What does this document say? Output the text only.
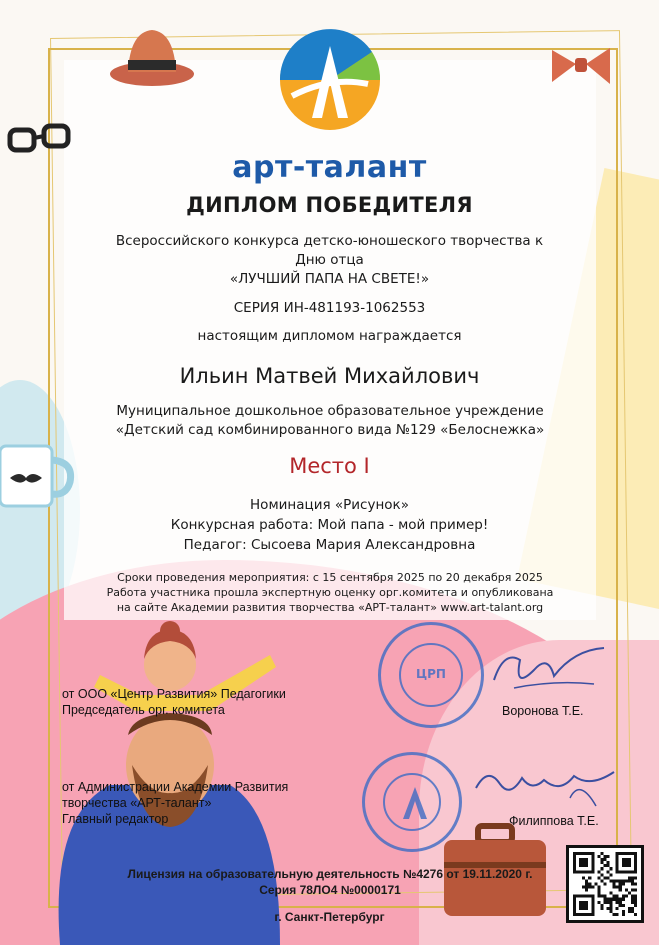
арт-талант
ДИПЛОМ ПОБЕДИТЕЛЯ
Всероссийского конкурса детско-юношеского творчества к
Дню отца
«ЛУЧШИЙ ПАПА НА СВЕТЕ!»
СЕРИЯ ИН-481193-1062553
настоящим дипломом награждается
Ильин Матвей Михайлович
Муниципальное дошкольное образовательное учреждение
«Детский сад комбинированного вида №129 «Белоснежка»
Место I
Номинация «Рисунок»
Конкурсная работа: Мой папа - мой пример!
Педагог: Сысоева Мария Александровна
Сроки проведения мероприятия: с 15 сентября 2025 по 20 декабря 2025
Работа участника прошла экспертную оценку орг.комитета и опубликована
на сайте Академии развития творчества «АРТ-талант» www.art-talant.org
ЦРП
от ООО «Центр Развития» Педагогики
Председатель орг. комитета	Воронова Т.Е.
от Администрации Академии Развития
творчества «АРТ-талант»
Главный редактор	Филиппова Т.Е.
Лицензия на образовательную деятельность №4276 от 19.11.2020 г.
Серия 78ЛО4 №0000171
г. Санкт-Петербург
